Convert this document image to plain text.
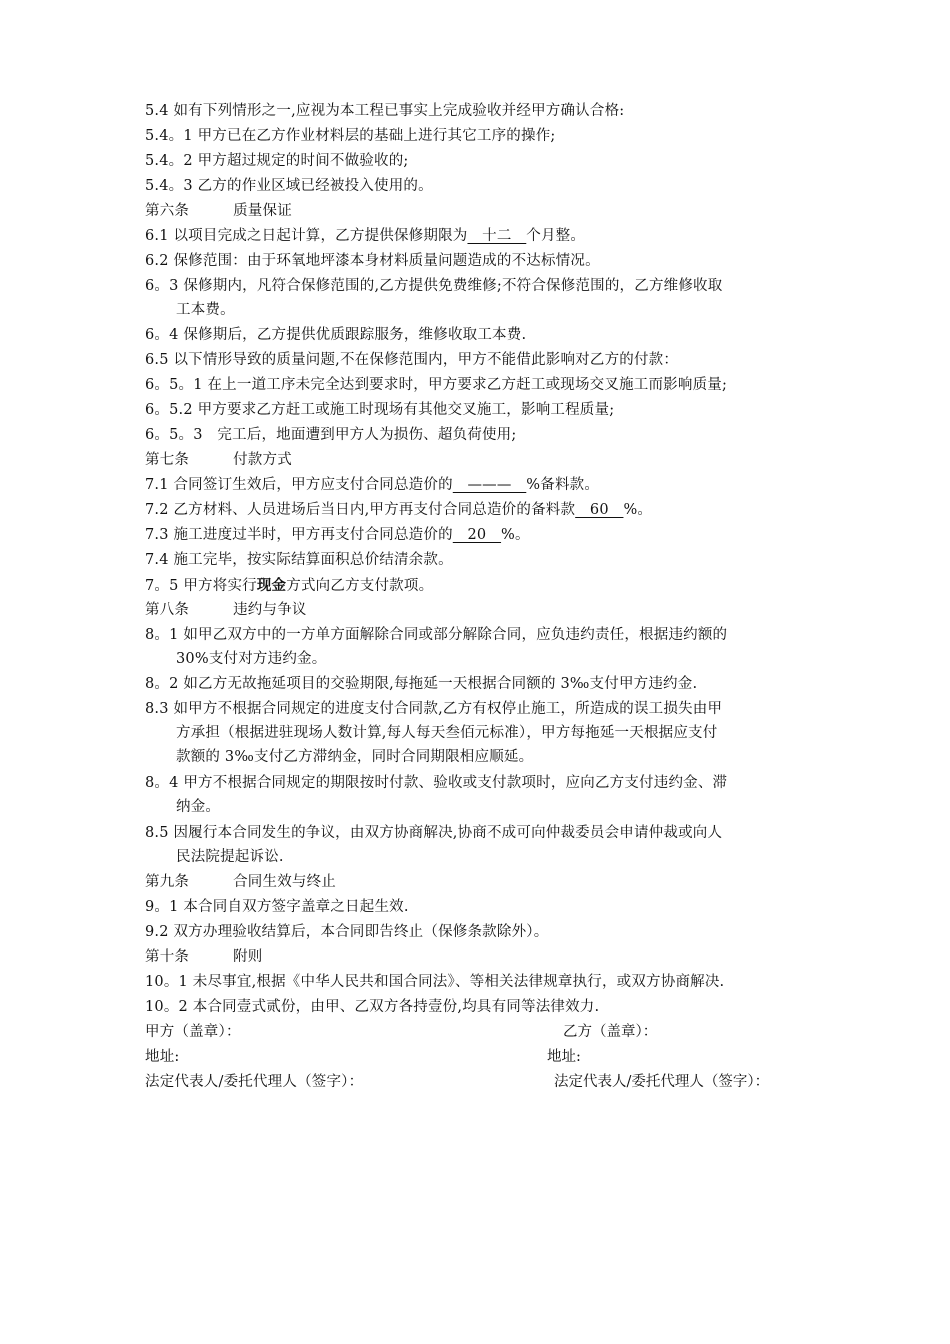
5.4 如有下列情形之一,应视为本工程已事实上完成验收并经甲方确认合格:
5.4。1 甲方已在乙方作业材料层的基础上进行其它工序的操作;
5.4。2 甲方超过规定的时间不做验收的;
5.4。3 乙方的作业区域已经被投入使用的。
第六条	质量保证
6.1 以项目完成之日起计算，乙方提供保修期限为　十二　个月整。
6.2 保修范围：由于环氧地坪漆本身材料质量问题造成的不达标情况。
6。3 保修期内，凡符合保修范围的,乙方提供免费维修;不符合保修范围的，乙方维修收取
工本费。
6。4 保修期后，乙方提供优质跟踪服务，维修收取工本费.
6.5 以下情形导致的质量问题,不在保修范围内，甲方不能借此影响对乙方的付款：
6。5。1 在上一道工序未完全达到要求时，甲方要求乙方赶工或现场交叉施工而影响质量;
6。5.2 甲方要求乙方赶工或施工时现场有其他交叉施工，影响工程质量;
6。5。3　完工后，地面遭到甲方人为损伤、超负荷使用;
第七条	付款方式
7.1 合同签订生效后，甲方应支付合同总造价的　———　%备料款。
7.2 乙方材料、人员进场后当日内,甲方再支付合同总造价的备料款　60　%。
7.3 施工进度过半时，甲方再支付合同总造价的　20　%。
7.4 施工完毕，按实际结算面积总价结清余款。
7。5 甲方将实行现金方式向乙方支付款项。
第八条	违约与争议
8。1 如甲乙双方中的一方单方面解除合同或部分解除合同，应负违约责任，根据违约额的
30%支付对方违约金。
8。2 如乙方无故拖延项目的交验期限,每拖延一天根据合同额的 3‰支付甲方违约金.
8.3 如甲方不根据合同规定的进度支付合同款,乙方有权停止施工，所造成的误工损失由甲
方承担（根据进驻现场人数计算,每人每天叁佰元标准），甲方每拖延一天根据应支付
款额的 3‰支付乙方滞纳金，同时合同期限相应顺延。
8。4 甲方不根据合同规定的期限按时付款、验收或支付款项时，应向乙方支付违约金、滞
纳金。
8.5 因履行本合同发生的争议，由双方协商解决,协商不成可向仲裁委员会申请仲裁或向人
民法院提起诉讼.
第九条	合同生效与终止
9。1 本合同自双方签字盖章之日起生效.
9.2 双方办理验收结算后，本合同即告终止（保修条款除外）。
第十条	附则
10。1 未尽事宜,根据《中华人民共和国合同法》、等相关法律规章执行，或双方协商解决.
10。2 本合同壹式贰份，由甲、乙双方各持壹份,均具有同等法律效力.
甲方（盖章）：	乙方（盖章）：
地址:	地址:
法定代表人/委托代理人（签字）：	法定代表人/委托代理人（签字）：
